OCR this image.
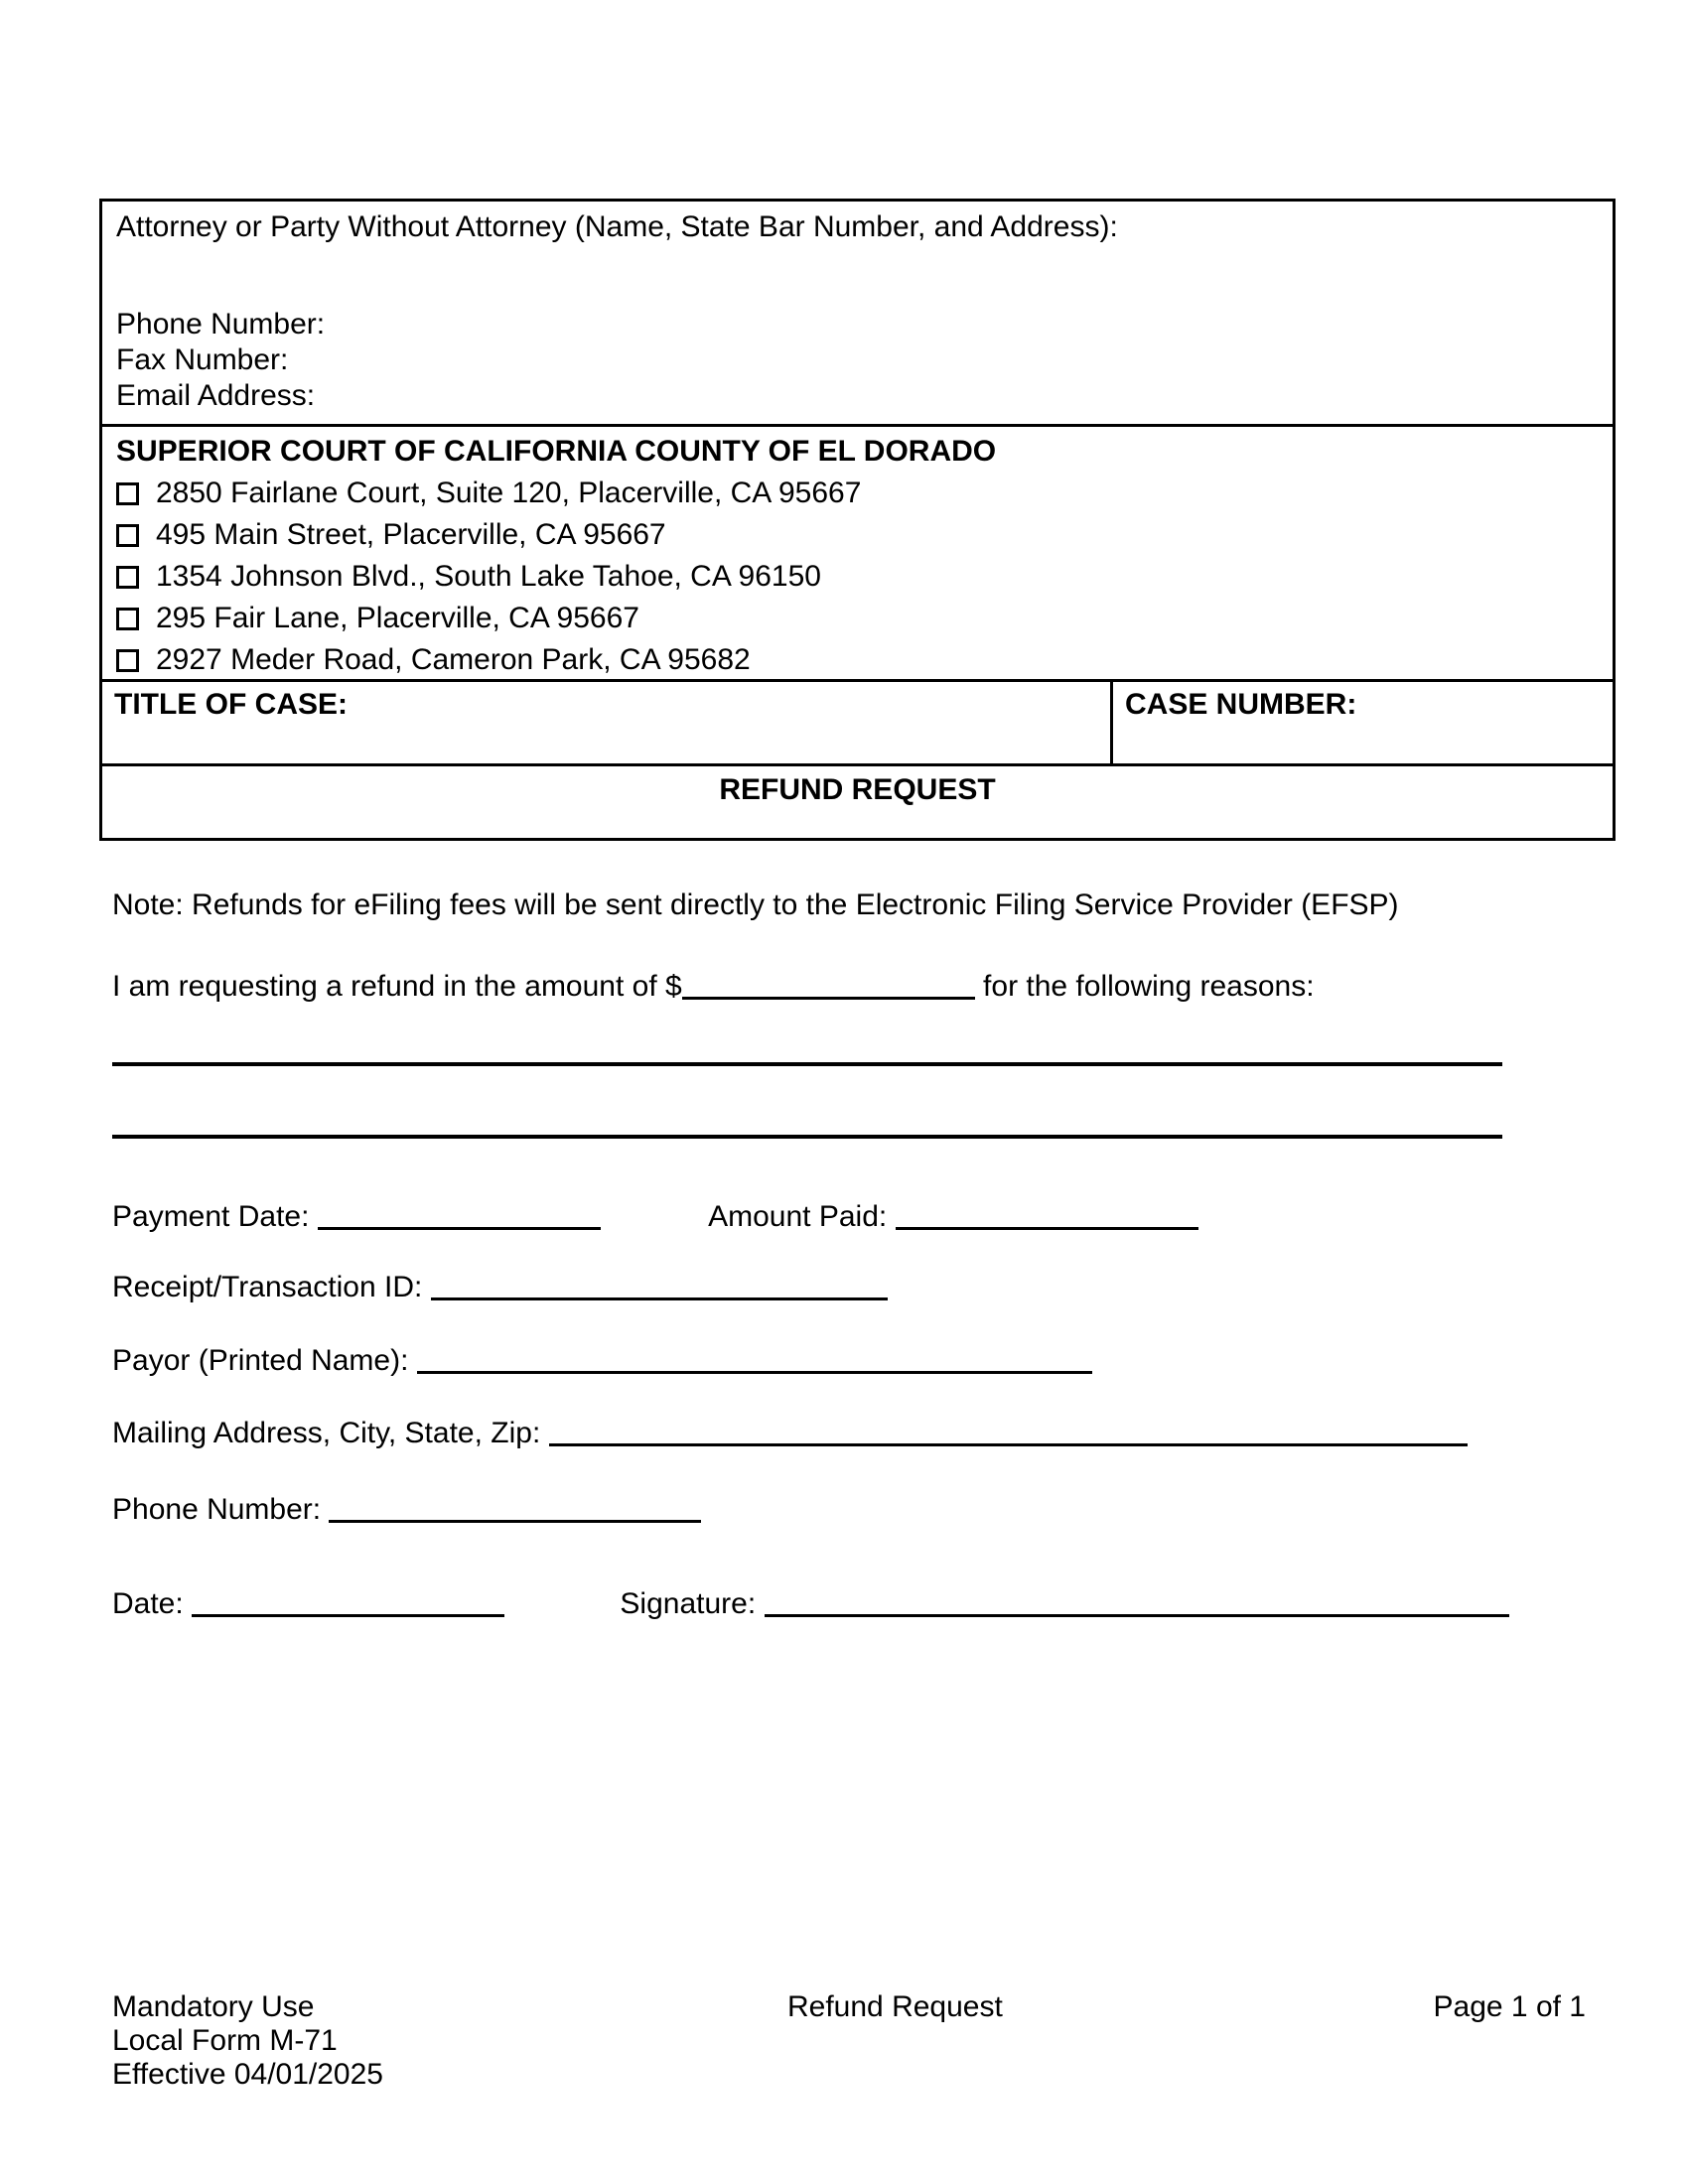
Attorney or Party Without Attorney (Name, State Bar Number, and Address):
Phone Number:
Fax Number:
Email Address:
SUPERIOR COURT OF CALIFORNIA COUNTY OF EL DORADO
2850 Fairlane Court, Suite 120, Placerville, CA 95667
495 Main Street, Placerville, CA 95667
1354 Johnson Blvd., South Lake Tahoe, CA 96150
295 Fair Lane, Placerville, CA 95667
2927 Meder Road, Cameron Park, CA 95682
TITLE OF CASE:	CASE NUMBER:
REFUND REQUEST
Note: Refunds for eFiling fees will be sent directly to the Electronic Filing Service Provider (EFSP)
I am requesting a refund in the amount of $	for the following reasons:
Payment Date:	Amount Paid:
Receipt/Transaction ID:
Payor (Printed Name):
Mailing Address, City, State, Zip:
Phone Number:
Date:	Signature:
Mandatory Use
Local Form M-71
Effective 04/01/2025
Refund Request	Page 1 of 1
